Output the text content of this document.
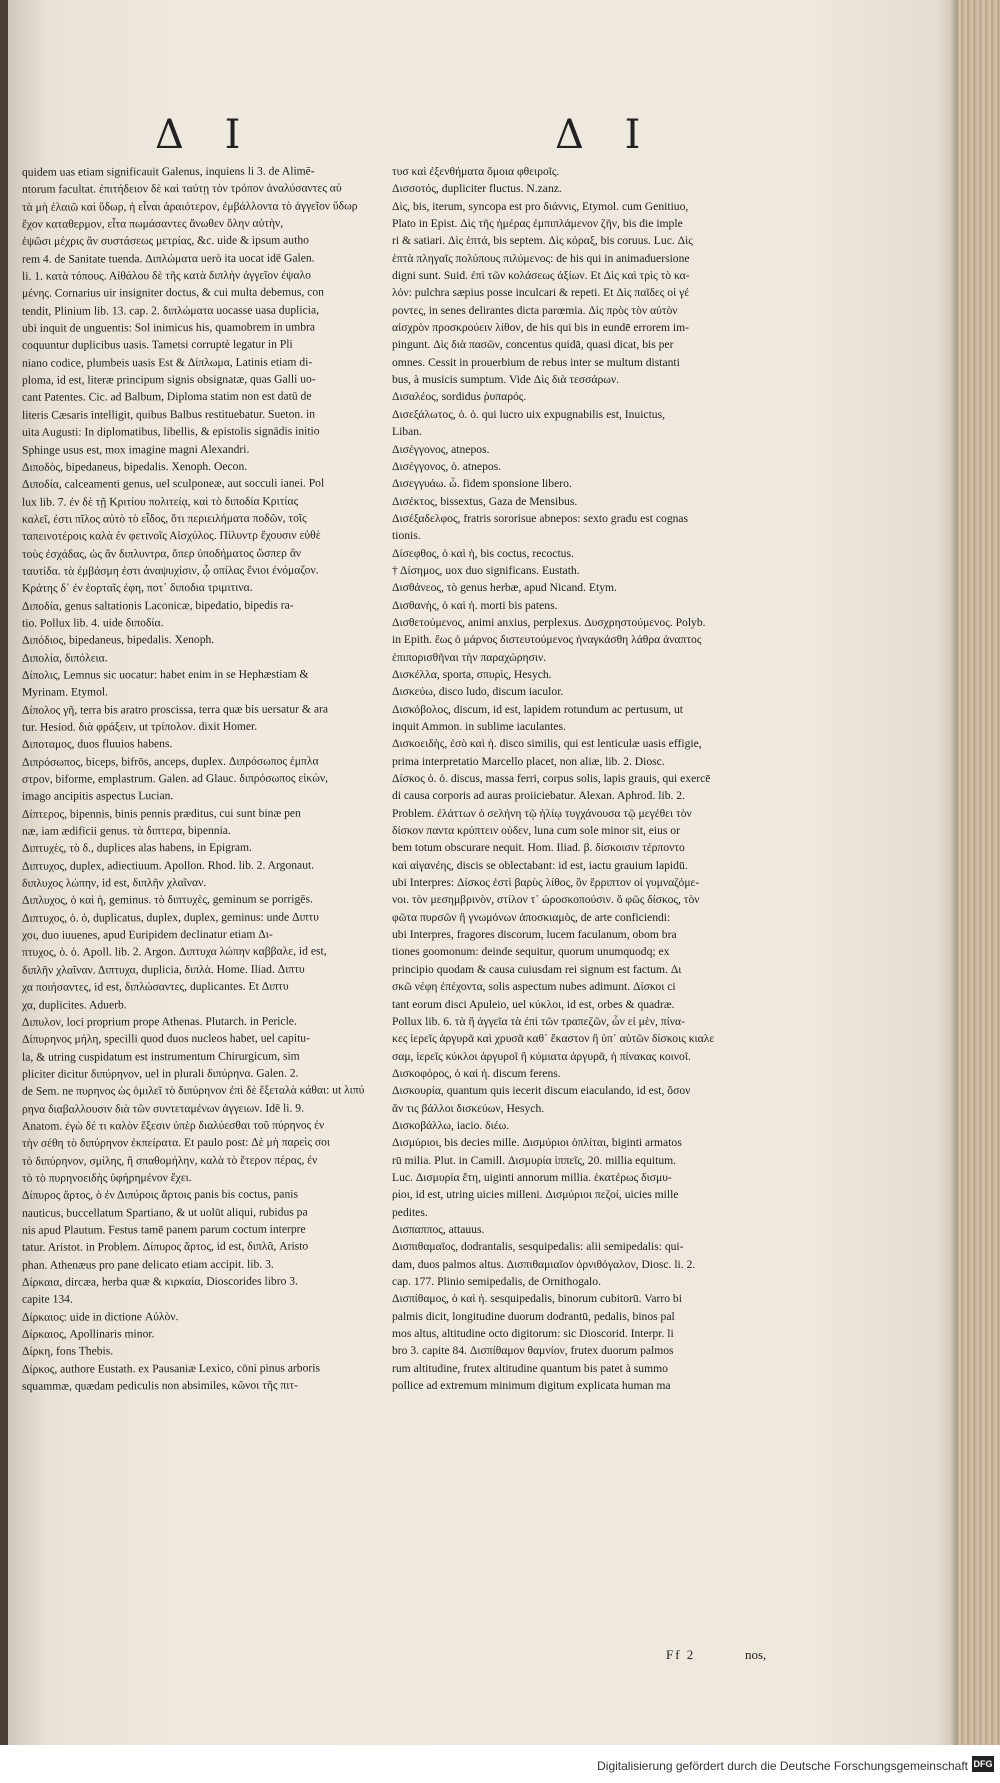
Δ Ι	Δ Ι
quidem uas etiam significauit Galenus, inquiens li 3. de Alimē-
ntorum facultat. ἐπιτήδειον δὲ καὶ ταύτῃ τὸν τρόπον ἀναλύσαντες αὐ
τὰ μὴ ἐλαιῶ καὶ ὕδωρ, ἡ εἶναι ἀραιότερον, ἐμβάλλοντα τὸ ἀγγεῖον ὕδωρ
ἔχον καταθερμον, εἶτα πωμάσαντες ἄνωθεν ὅλην αὐτὴν,
ἑψῶσι μέχρις ἂν συστάσεως μετρίας, &c. uide & ipsum autho
rem 4. de Sanitate tuenda. Διπλώματα uerò ita uocat idē Galen.
li. 1. κατὰ τόπους. Αἰθάλου δὲ τῆς κατὰ διπλὴν ἀγγεῖον ἐψαλο
μένης. Cornarius uir insigniter doctus, & cui multa debemus, con
tendit, Plinium lib. 13. cap. 2. διπλώματα uocasse uasa duplicia,
ubi inquit de unguentis: Sol inimicus his, quamobrem in umbra
coquuntur duplicibus uasis. Tametsi corruptè legatur in Pli
niano codice, plumbeis uasis Est & Δίπλωμα, Latinis etiam di-
ploma, id est, literæ principum signis obsignatæ, quas Galli uo-
cant Patentes. Cic. ad Balbum, Diploma statim non est datū de
literis Cæsaris intelligit, quibus Balbus restituebatur. Sueton. in
uita Augusti: In diplomatibus, libellis, & epistolis signādis initio
Sphinge usus est, mox imagine magni Alexandri.
Διποδὸς, bipedaneus, bipedalis. Xenoph. Oecon.
Διποδία, calceamenti genus, uel sculponeæ, aut socculi ianei. Pol
lux lib. 7. ἐν δὲ τῇ Κριτίου πολιτείᾳ, καὶ τὸ διποδία Κριτίας
καλεῖ, ἐστι πῖλος αὐτὸ τὸ εἶδος, ὅτι περιειλήματα ποδῶν, τοῖς
ταπεινοτέροις καλὰ ἐν φετινοῖς Αἰσχύλος. Πίλυντρ ἔχουσιν εὐθὲ
τοὺς ἐσχάδας, ὡς ἂν διπλυντρα, ὅπερ ὑποδήματος ὥσπερ ἂν
ταυτίδα. τὰ ἐμβάσμη ἐστι ἀναψυχίσιν, ᾧ οπίλας ἔνιοι ἐνόμαζον.
Κράτης δ᾽ ἐν ἑορταῖς ἐφη, ποτ᾽ διποδια τριμιτινα.
Διποδία, genus saltationis Laconicæ, bipedatio, bipedis ra-
tio. Pollux lib. 4. uide διποδία.
Διπόδιος, bipedaneus, bipedalis. Xenoph.
Διπολία, διπόλεια.
Δίπολις, Lemnus sic uocatur: habet enim in se Hephæstiam &
Myrinam. Etymol.
Δίπολος γῆ, terra bis aratro proscissa, terra quæ bis uersatur & ara
tur. Hesiod. διὰ φράξειν, ut τρίπολον. dixit Homer.
Διποταμος, duos fluuios habens.
Διπρόσωπος, biceps, bifrōs, anceps, duplex. Διπρόσωπος ἐμπλα
στρον, biforme, emplastrum. Galen. ad Glauc. διπρόσωπος εἰκὼν,
imago ancipitis aspectus Lucian.
Δίπτερος, bipennis, binis pennis præditus, cui sunt binæ pen
næ, iam ædificii genus. τὰ διπτερα, bipennia.
Διπτυχὲς, τὸ δ., duplices alas habens, in Epigram.
Διπτυχος, duplex, adiectiuum. Apollon. Rhod. lib. 2. Argonaut.
διπλυχος λώπην, id est, διπλῆν χλαῖναν.
Διπλυχος, ὁ καὶ ἡ, geminus. τὸ διπτυχὲς, geminum se porrigēs.
Διπτυχος, ὁ. ὁ, duplicatus, duplex, duplex, geminus: unde Διπτυ
χοι, duo iuuenes, apud Euripidem declinatur etiam Δι-
πτυχος, ὁ. ὁ. Apoll. lib. 2. Argon. Διπτυχα λώπην καββαλε, id est,
διπλῆν χλαῖναν. Διπτυχα, duplicia, διπλὰ. Home. Iliad. Διπτυ
χα ποιήσαντες, id est, διπλώσαντες, duplicantes. Et Διπτυ
χα, duplicites. Aduerb.
Διπυλον, loci proprium prope Athenas. Plutarch. in Pericle.
Δίπυρηνος μήλη, specilli quod duos nucleos habet, uel capitu-
la, & utring cuspidatum est instrumentum Chirurgicum, sim
pliciter dicitur διπύρηνον, uel in plurali διπύρηνα. Galen. 2.
de Sem. ne πυρηνος ὡς ὁμιλεῖ τὸ διπύρηνον ἐπὶ δὲ ἕξεταλὰ κάθαι: ut λιπύ
ρηνα διαβαλλουσιν διὰ τῶν συντεταμένων ἀγγειων. Idē li. 9.
Anatom. ἐγὼ δέ τι καλὸν ἔξεσιν ὑπὲρ διαλύεσθαι τοῦ πύρηνος ἐν
τὴν σέθη τὸ διπύρηνον ἐκπείρατα. Et paulo post: Δὲ μὴ παρεὶς σοι
τὸ διπύρηνον, σμίλης, ἢ σπαθομήλην, καλὰ τὸ ἕτερον πέρας, ἐν
τὸ τὸ πυρηνοειδὴς ὑφήρημένον ἔχει.
Δίπυρος ἄρτος, ὁ ἐν Διπύροις ἄρτοις panis bis coctus, panis
nauticus, buccellatum Spartiano, & ut uolūt aliqui, rubidus pa
nis apud Plautum. Festus tamē panem parum coctum interpre
tatur. Aristot. in Problem. Δίπυρος ἄρτος, id est, διπλᾶ, Aristo
phan. Athenæus pro pane delicato etiam accipit. lib. 3.
Δίρκαια, dircæa, herba quæ & κιρκαία, Dioscorides libro 3.
capite 134.
Δίρκαιος: uide in dictione Αὐλὸν.
Δίρκαιος, Apollinaris minor.
Δίρκη, fons Thebis.
Δίρκος, authore Eustath. ex Pausaniæ Lexico, cōni pinus arboris
squammæ, quædam pediculis non absimiles, κῶνοι τῆς πιτ-
τυσ καὶ ἐξενθήματα ὅμοια φθειροῖς.
Δισσοτός, dupliciter fluctus. N.zanz.
Δὶς, bis, iterum, syncopa est pro διάννις, Etymol. cum Genitiuo,
Plato in Epist. Δὶς τῆς ἡμέρας ἐμπιπλάμενον ζῆν, bis die imple
ri & satiari. Δὶς ἑπτά, bis septem. Δὶς κόραξ, bis coruus. Luc. Δὶς
ἑπτὰ πληγαῖς πολύπους πιλύμενος: de his qui in animaduersione
digni sunt. Suid. ἐπὶ τῶν κολάσεως ἀξίων. Et Δὶς καὶ τρὶς τὸ κα-
λόν: pulchra sæpius posse inculcari & repeti. Et Δὶς παῖδες οἱ γέ
ροντες, in senes delirantes dicta parœmia. Δὶς πρὸς τὸν αὐτὸν
αἰσχρὸν προσκρούειν λίθον, de his qui bis in eundē errorem im-
pingunt. Δὶς διὰ πασῶν, concentus quidā, quasi dicat, bis per
omnes. Cessit in prouerbium de rebus inter se multum distanti
bus, à musicis sumptum. Vide Δὶς διὰ τεσσάρων.
Δισαλέος, sordidus ῥυπαρός.
Δισεξάλωτος, ὁ. ὁ. qui lucro uix expugnabilis est, Inuictus,
Liban.
Δισέγγονος, atnepos.
Δισέγγονος, ὁ. atnepos.
Δισεγγυάω. ὦ. fidem sponsione libero.
Δισέκτος, bissextus, Gaza de Mensibus.
Δισέξαδελφος, fratris sororisue abnepos: sexto gradu est cognas
tionis.
Δίσεφθος, ὁ καὶ ἡ, bis coctus, recoctus.
† Δίσημος, uox duo significans. Eustath.
Δισθάνεος, τὸ genus herbæ, apud Nicand. Etym.
Δισθανὴς, ὁ καὶ ἡ. morti bis patens.
Δισθετούμενος, animi anxius, perplexus. Δυσχρηστούμενος. Polyb.
in Epith. ἕως ὁ μάρνος διστευτούμενος ἠναγκάσθη λάθρα ἀναπτος
ἐπιπορισθῆναι τὴν παραχώρησιν.
Δισκέλλα, sporta, σπυρὶς, Hesych.
Δισκεύω, disco ludo, discum iaculor.
Δισκόβολος, discum, id est, lapidem rotundum ac pertusum, ut
inquit Ammon. in sublime iaculantes.
Δισκοειδὴς, ἐσὸ καὶ ἡ. disco similis, qui est lenticulæ uasis effigie,
prima interpretatio Marcello placet, non aliæ, lib. 2. Diosc.
Δίσκος ὁ. ὁ. discus, massa ferri, corpus solis, lapis grauis, qui exercē
di causa corporis ad auras proiiciebatur. Alexan. Aphrod. lib. 2.
Problem. ἐλάττων ὁ σελήνη τῷ ἡλίῳ τυγχάνουσα τῷ μεγέθει τὸν
δίσκον παντα κρύπτειν οὐδεν, luna cum sole minor sit, eius or
bem totum obscurare nequit. Hom. Iliad. β. δίσκοισιν τέρποντο
καὶ αἰγανέης, discis se oblectabant: id est, iactu grauium lapidū.
ubi Interpres: Δίσκος ἐστὶ βαρὺς λίθος, ὃν ἔρριπτον οἱ γυμναζόμε-
νοι. τὸν μεσημβρινὸν, στίλον τ᾽ ὠροσκοπούσιν. ὅ φῶς δίσκος, τὸν
φῶτα πυρσῶν ἢ γνωμόνων ἀποσκιαμὸς, de arte conficiendi:
ubi Interpres, fragores discorum, lucem faculanum, obom bra
tiones goomonum: deinde sequitur, quorum unumquodq; ex
principio quodam & causa cuiusdam rei signum est factum. Δι
σκῶ νέφη ἐπέχοντα, solis aspectum nubes adimunt. Δίσκοι ci
tant eorum disci Apuleio, uel κύκλοι, id est, orbes & quadræ.
Pollux lib. 6. τὰ ἢ ἀγγεῖα τὰ ἐπὶ τῶν τραπεζῶν, ὧν εἰ μὲν, πίνα-
κες ἱερεῖς ἀργυρᾶ καὶ χρυσᾶ καθ᾽ ἕκαστον ἢ ὑπ᾽ αὐτῶν δίσκοις κιαλε
σαμ, ἱερεῖς κύκλοι ἀργυροῖ ἢ κύμιατα ἀργυρᾶ, ἡ πίνακας κοινοῖ.
Δισκοφόρος, ὁ καὶ ἡ. discum ferens.
Δισκουρία, quantum quis iecerit discum eiaculando, id est, ὅσον
ἄν τις βάλλοι δισκεύων, Hesych.
Δισκοβάλλω, iacio. διέω.
Δισμύριοι, bis decies mille. Δισμύριοι ὁπλίται, biginti armatos
rū milia. Plut. in Camill. Δισμυρία ἱππεῖς, 20. millia equitum.
Luc. Δισμυρία ἔτη, uiginti annorum millia. ἑκατέρως δισμυ-
ρίοι, id est, utring uicies milleni. Δισμύριοι πεζοί, uicies mille
pedites.
Δισπαππος, attauus.
Δισπιθαμαῖος, dodrantalis, sesquipedalis: alii semipedalis: qui-
dam, duos palmos altus. Δισπιθαμιαῖον ὀρνιθόγαλον, Diosc. li. 2.
cap. 177. Plinio semipedalis, de Ornithogalo.
Δισπίθαμος, ὁ καὶ ἡ. sesquipedalis, binorum cubitorū. Varro bi
palmis dicit, longitudine duorum dodrantū, pedalis, binos pal
mos altus, altitudine octo digitorum: sic Dioscorid. Interpr. li
bro 3. capite 84. Δισπίθαμον θαμνίον, frutex duorum palmos
rum altitudine, frutex altitudine quantum bis patet à summo
pollice ad extremum minimum digitum explicata human ma
Ff 2	nos,
Digitalisierung gefördert durch die Deutsche Forschungsgemeinschaft DFG
